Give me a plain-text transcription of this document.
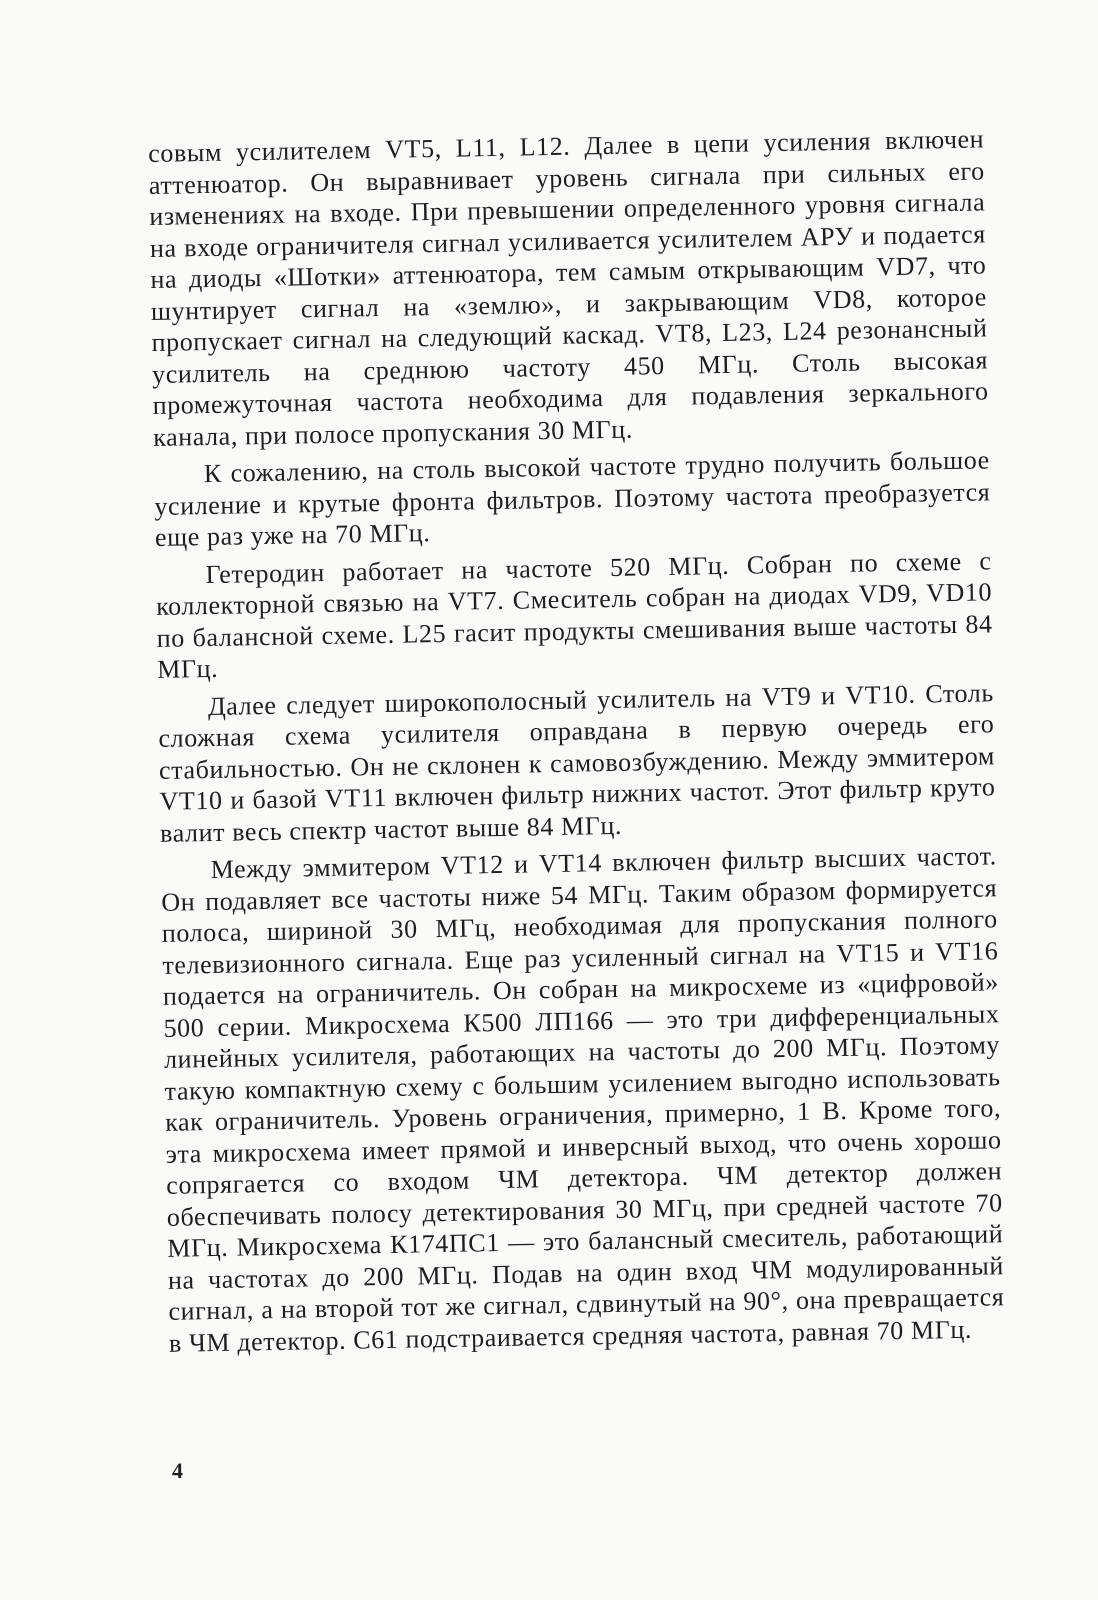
совым усилителем VT5, L11, L12. Далее в цепи усиления включен аттенюатор. Он выравнивает уровень сигнала при сильных его изменениях на входе. При превышении определенного уровня сигнала на входе ограничителя сигнал усиливается усилителем АРУ и подается на диоды «Шотки» аттенюатора, тем самым открывающим VD7, что шунтирует сигнал на «землю», и закрывающим VD8, которое пропускает сигнал на следующий каскад. VT8, L23, L24 резонансный усилитель на среднюю частоту 450 МГц. Столь высокая промежуточная частота необходима для подавления зеркального канала, при полосе пропускания 30 МГц.

К сожалению, на столь высокой частоте трудно получить большое усиление и крутые фронта фильтров. Поэтому частота преобразуется еще раз уже на 70 МГц.

Гетеродин работает на частоте 520 МГц. Собран по схеме с коллекторной связью на VT7. Смеситель собран на диодах VD9, VD10 по балансной схеме. L25 гасит продукты смешивания выше частоты 84 МГц.

Далее следует широкополосный усилитель на VT9 и VT10. Столь сложная схема усилителя оправдана в первую очередь его стабильностью. Он не склонен к самовозбуждению. Между эммитером VT10 и базой VT11 включен фильтр нижних частот. Этот фильтр круто валит весь спектр частот выше 84 МГц.

Между эммитером VT12 и VT14 включен фильтр высших частот. Он подавляет все частоты ниже 54 МГц. Таким образом формируется полоса, шириной 30 МГц, необходимая для пропускания полного телевизионного сигнала. Еще раз усиленный сигнал на VT15 и VT16 подается на ограничитель. Он собран на микросхеме из «цифровой» 500 серии. Микросхема К500 ЛП166 — это три дифференциальных линейных усилителя, работающих на частоты до 200 МГц. Поэтому такую компактную схему с большим усилением выгодно использовать как ограничитель. Уровень ограничения, примерно, 1 В. Кроме того, эта микросхема имеет прямой и инверсный выход, что очень хорошо сопрягается со входом ЧМ детектора. ЧМ детектор должен обеспечивать полосу детектирования 30 МГц, при средней частоте 70 МГц. Микросхема К174ПС1 — это балансный смеситель, работающий на частотах до 200 МГц. Подав на один вход ЧМ модулированный сигнал, а на второй тот же сигнал, сдвинутый на 90°, она превращается в ЧМ детектор. С61 подстраивается средняя частота, равная 70 МГц.

4
